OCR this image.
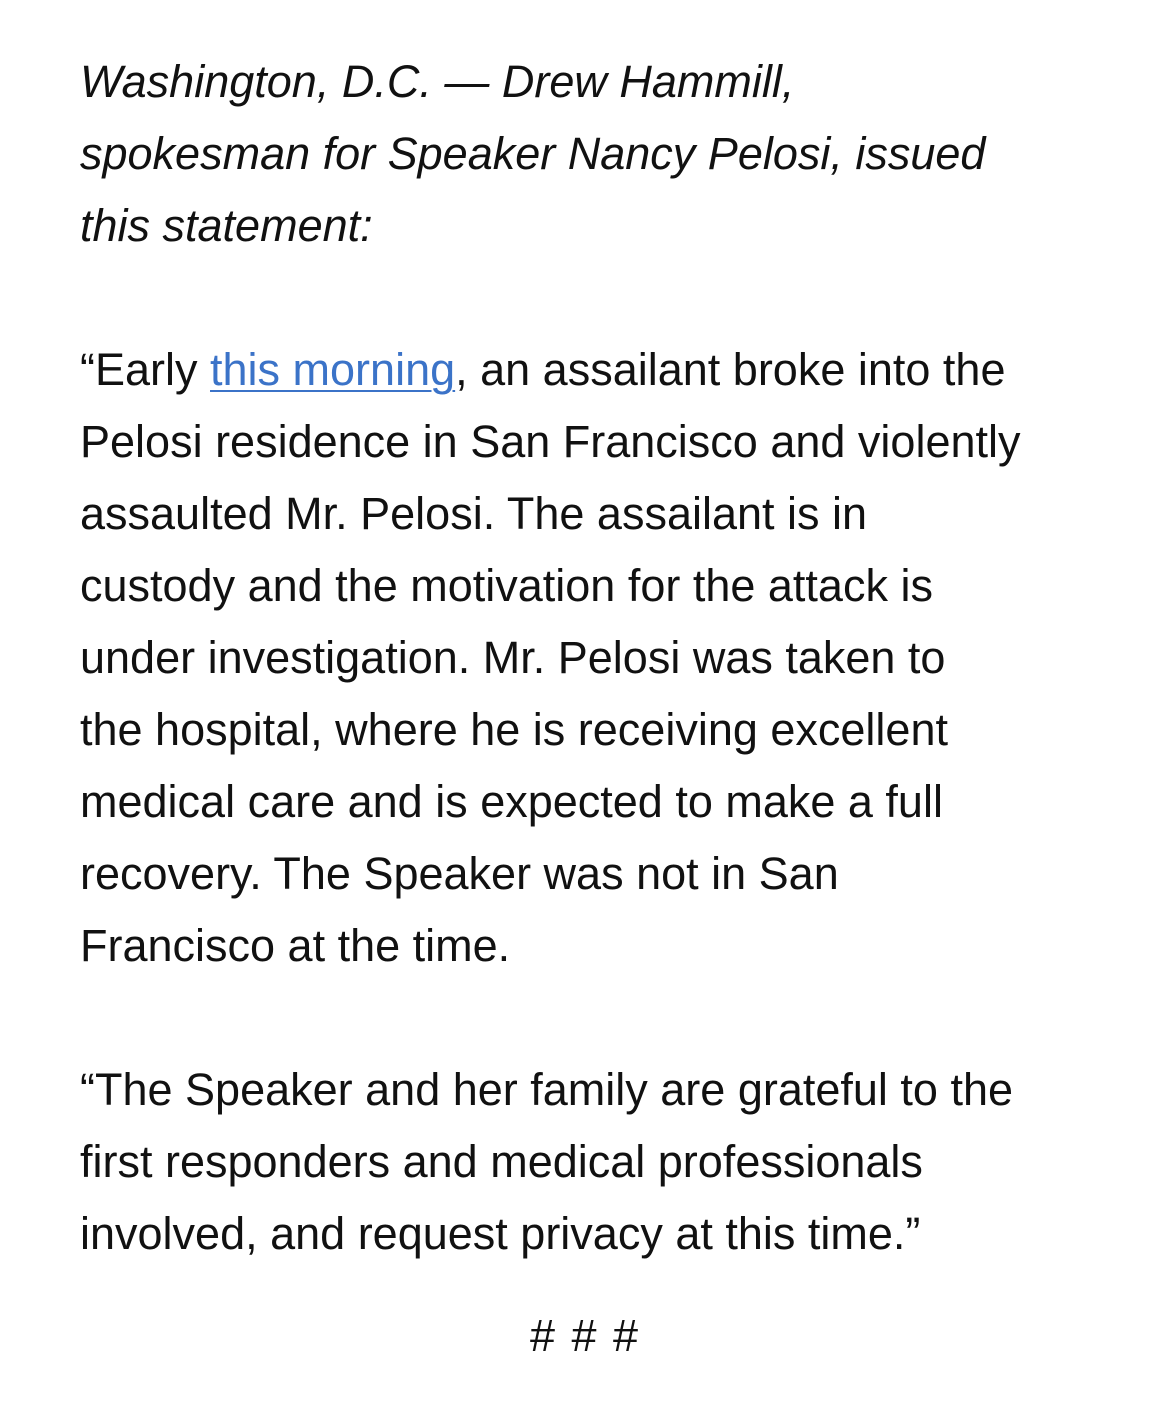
Washington, D.C. — Drew Hammill,
spokesman for Speaker Nancy Pelosi, issued
this statement:

“Early this morning, an assailant broke into the
Pelosi residence in San Francisco and violently
assaulted Mr. Pelosi. The assailant is in
custody and the motivation for the attack is
under investigation. Mr. Pelosi was taken to
the hospital, where he is receiving excellent
medical care and is expected to make a full
recovery. The Speaker was not in San
Francisco at the time.

“The Speaker and her family are grateful to the
first responders and medical professionals
involved, and request privacy at this time.”

# # #
